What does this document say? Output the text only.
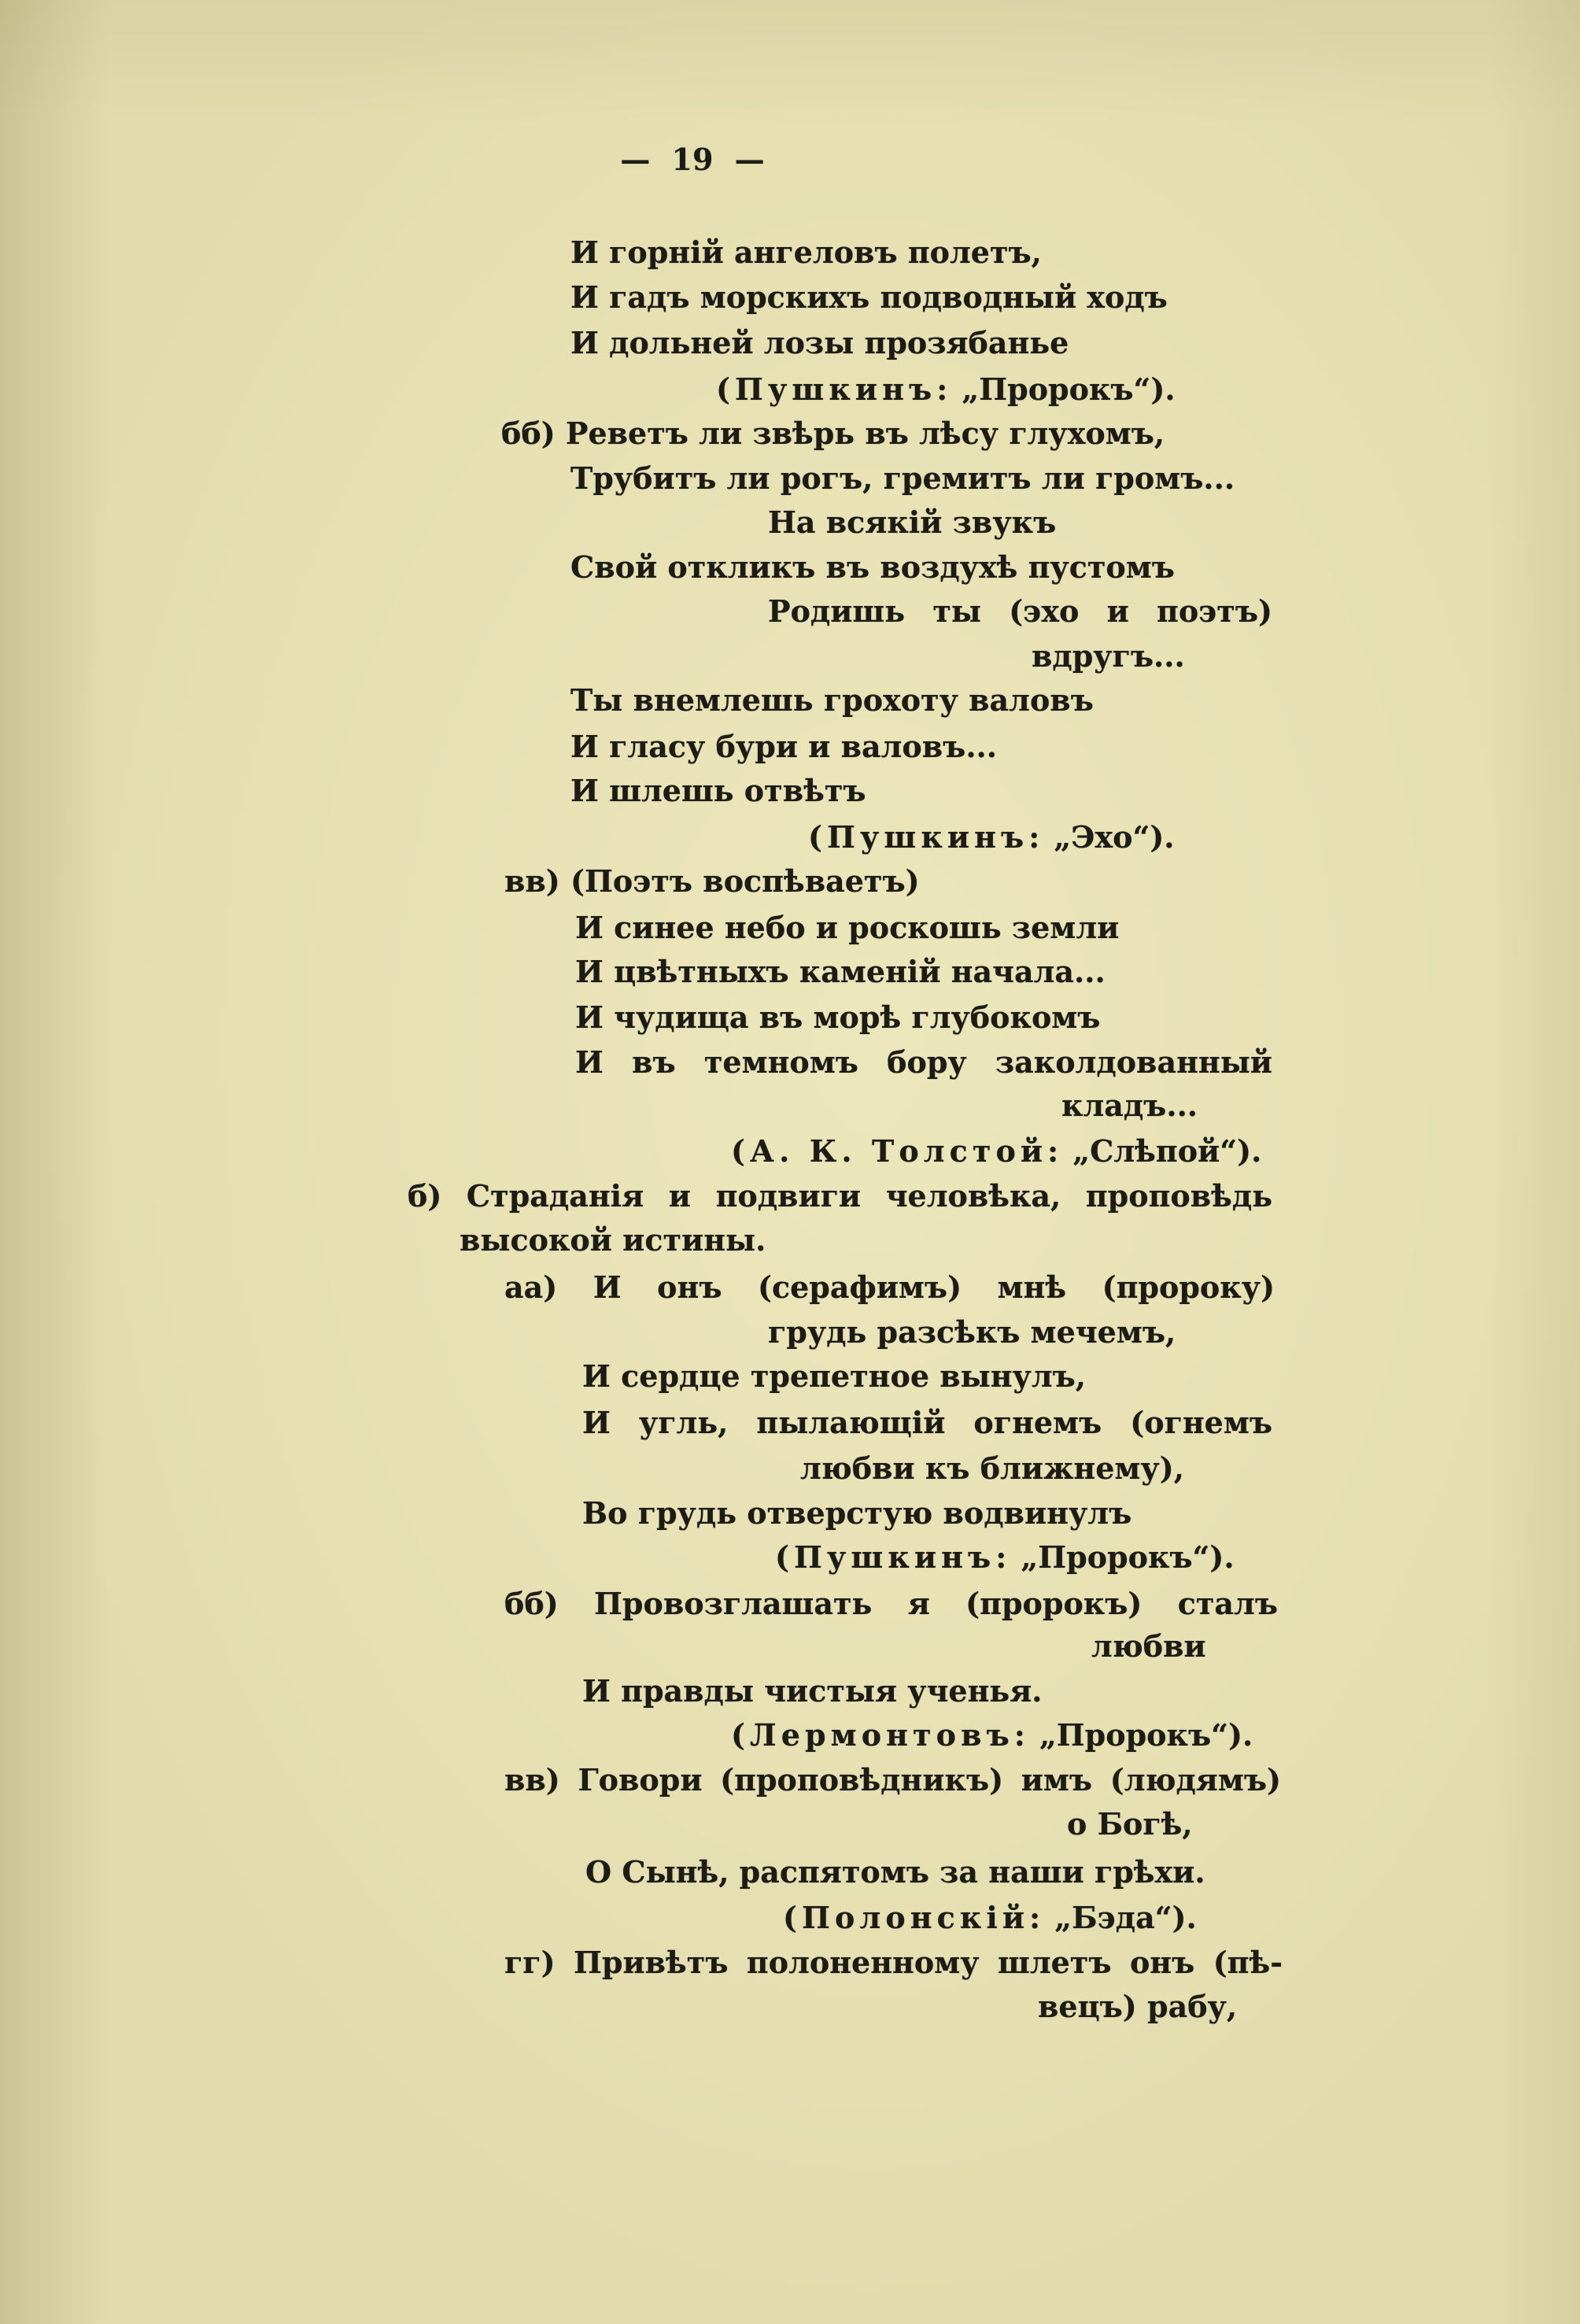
— 19 —
И горній ангеловъ полетъ,
И гадъ морскихъ подводный ходъ
И дольней лозы прозябанье
(Пушкинъ: „Пророкъ“).
бб) Реветъ ли звѣрь въ лѣсу глухомъ,
Трубитъ ли рогъ, гремитъ ли громъ...
На всякій звукъ
Свой откликъ въ воздухѣ пустомъ
Родишь ты (эхо и поэтъ)
вдругъ...
Ты внемлешь грохоту валовъ
И гласу бури и валовъ...
И шлешь отвѣтъ
(Пушкинъ: „Эхо“).
вв) (Поэтъ воспѣваетъ)
И синее небо и роскошь земли
И цвѣтныхъ каменій начала...
И чудища въ морѣ глубокомъ
И въ темномъ бору заколдованный
кладъ...
(А. К. Толстой: „Слѣпой“).
б) Страданія и подвиги человѣка, проповѣдь
высокой истины.
аа) И онъ (серафимъ) мнѣ (пророку)
грудь разсѣкъ мечемъ,
И сердце трепетное вынулъ,
И угль, пылающій огнемъ (огнемъ
любви къ ближнему),
Во грудь отверстую водвинулъ
(Пушкинъ: „Пророкъ“).
бб) Провозглашать я (пророкъ) сталъ
любви
И правды чистыя ученья.
(Лермонтовъ: „Пророкъ“).
вв) Говори (проповѣдникъ) имъ (людямъ)
о Богѣ,
О Сынѣ, распятомъ за наши грѣхи.
(Полонскій: „Бэда“).
гг) Привѣтъ полоненному шлетъ онъ (пѣ-
вецъ) рабу,
